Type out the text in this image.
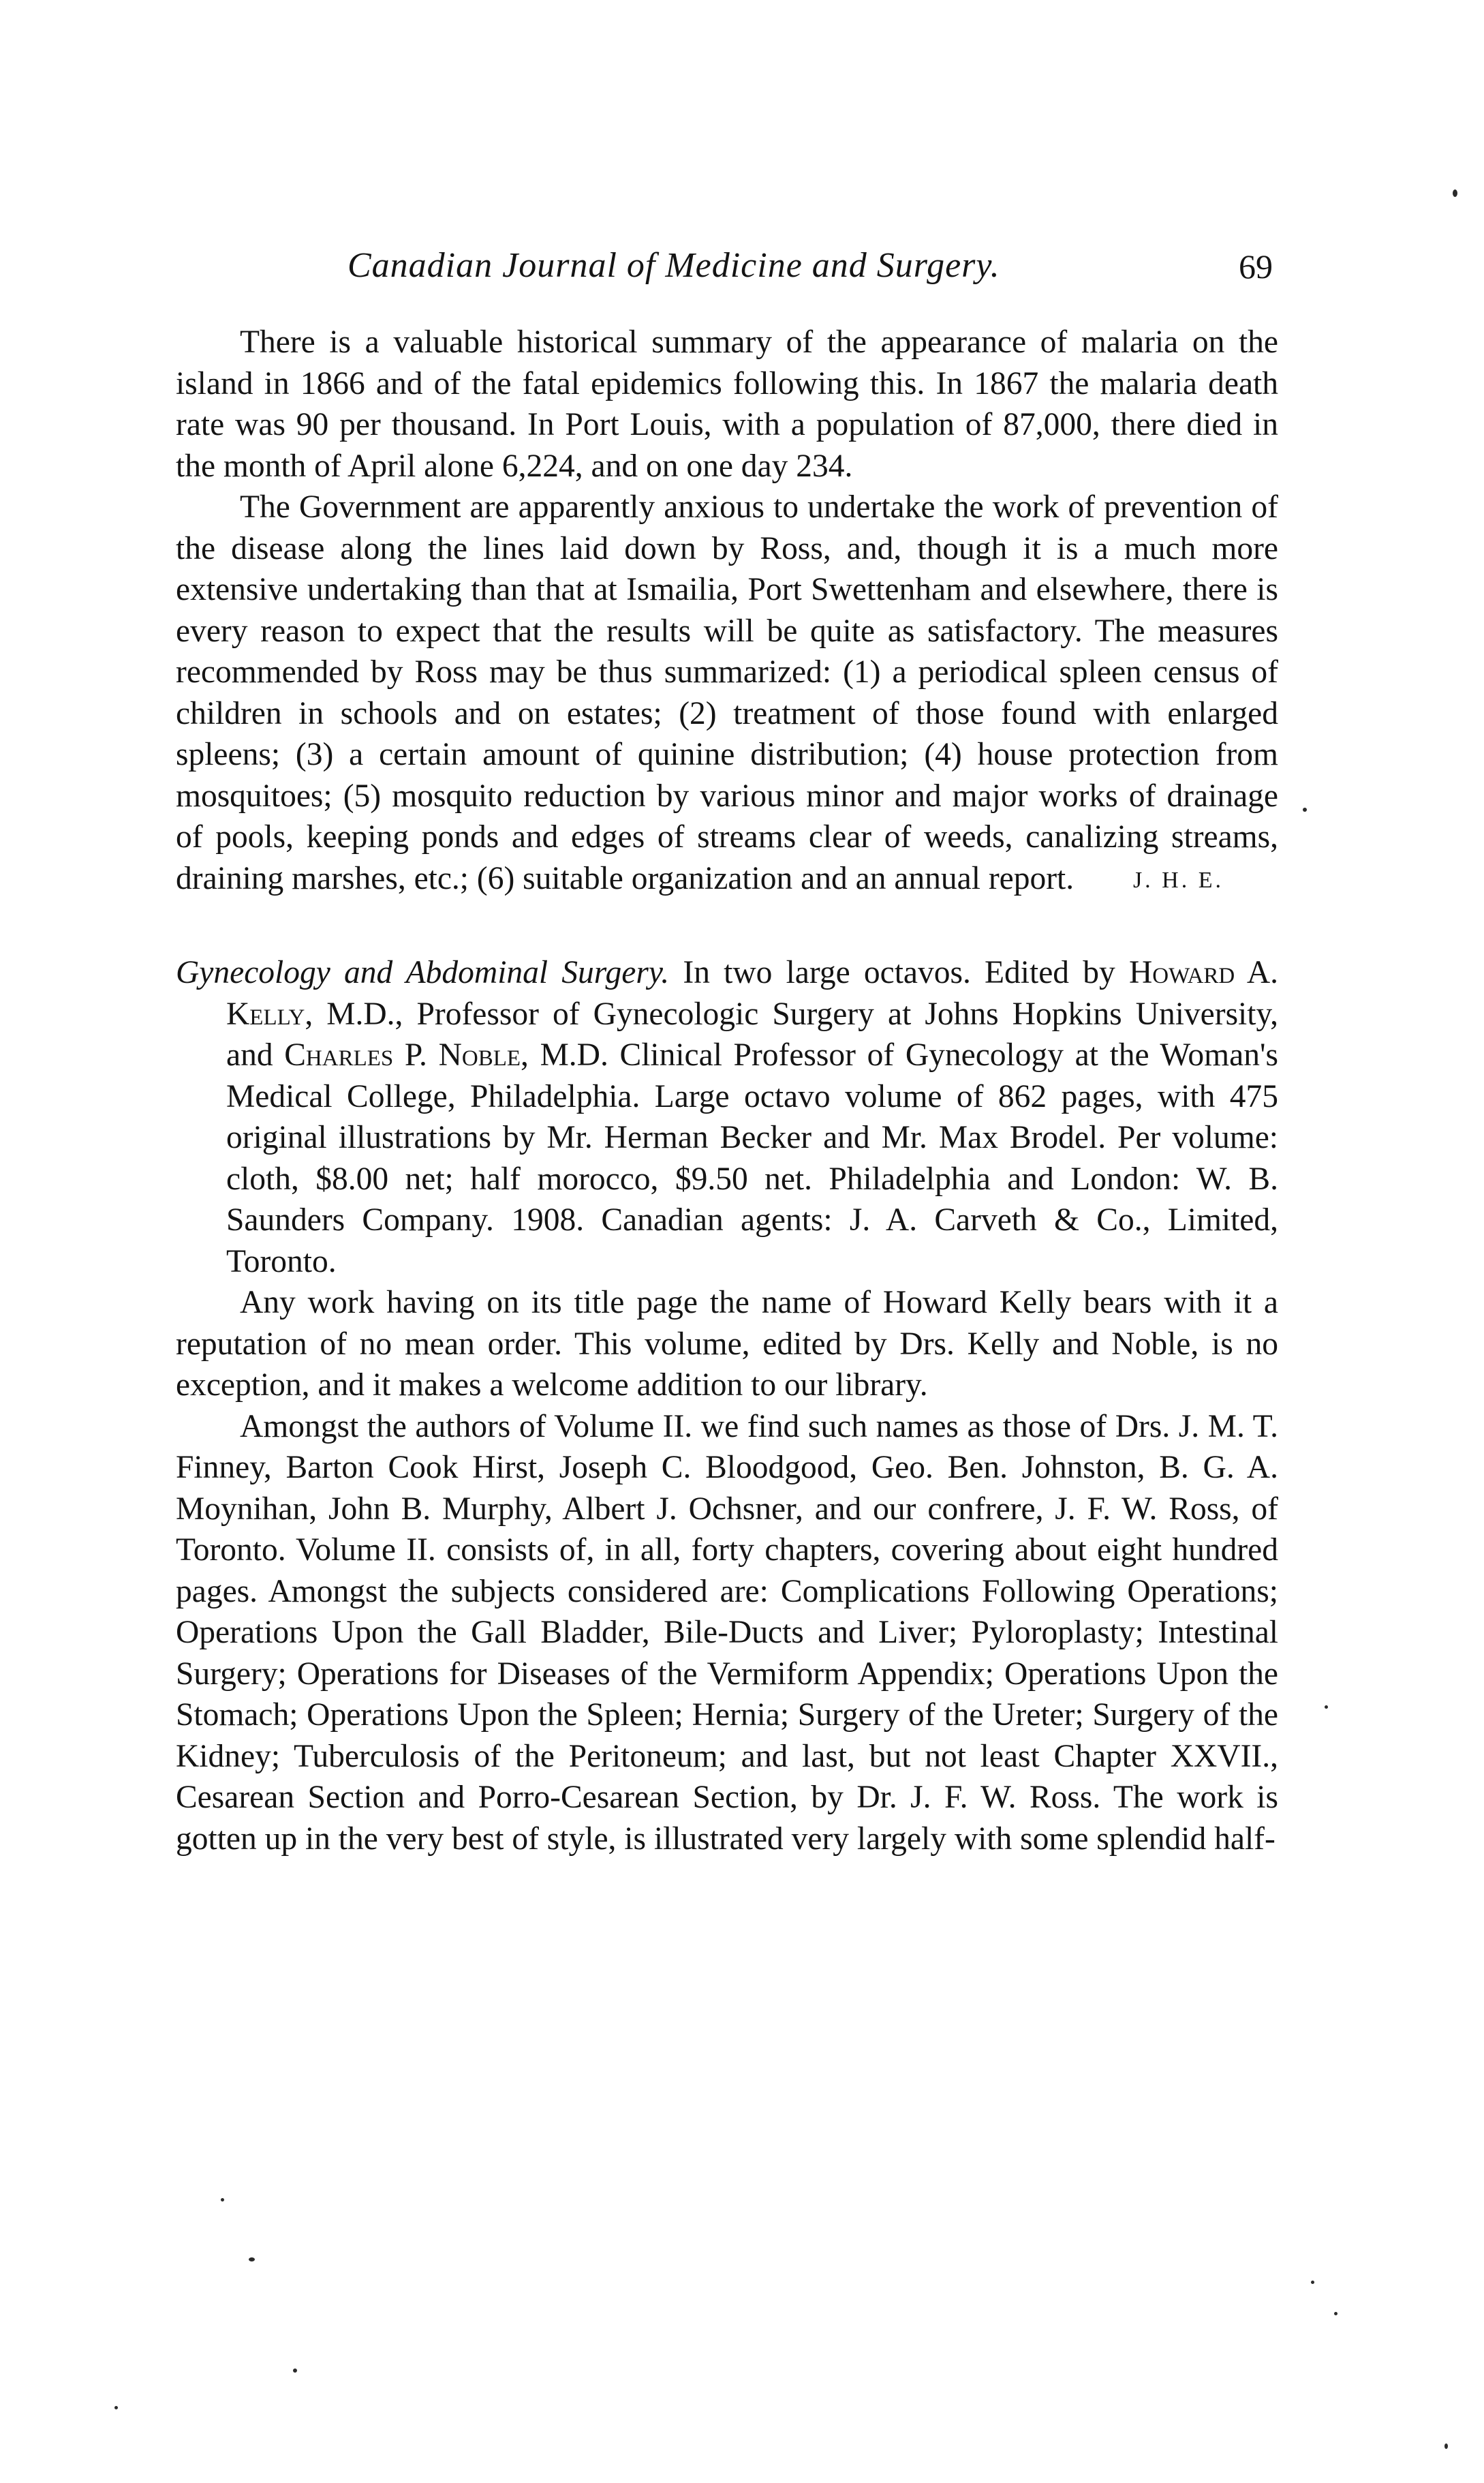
Canadian Journal of Medicine and Surgery.	69

There is a valuable historical summary of the appearance of malaria on the island in 1866 and of the fatal epidemics following this. In 1867 the malaria death rate was 90 per thousand. In Port Louis, with a population of 87,000, there died in the month of April alone 6,224, and on one day 234.

The Government are apparently anxious to undertake the work of prevention of the disease along the lines laid down by Ross, and, though it is a much more extensive undertaking than that at Ismailia, Port Swettenham and elsewhere, there is every reason to expect that the results will be quite as satisfactory. The measures recommended by Ross may be thus summarized: (1) a periodical spleen census of children in schools and on estates; (2) treatment of those found with enlarged spleens; (3) a certain amount of quinine distribution; (4) house protection from mosquitoes; (5) mosquito reduction by various minor and major works of drainage of pools, keeping ponds and edges of streams clear of weeds, canalizing streams, draining marshes, etc.; (6) suitable organization and an annual report.	J. H. E.

Gynecology and Abdominal Surgery. In two large octavos. Edited by Howard A. Kelly, M.D., Professor of Gynecologic Surgery at Johns Hopkins University, and Charles P. Noble, M.D. Clinical Professor of Gynecology at the Woman's Medical College, Philadelphia. Large octavo volume of 862 pages, with 475 original illustrations by Mr. Herman Becker and Mr. Max Brodel. Per volume: cloth, $8.00 net; half morocco, $9.50 net. Philadelphia and London: W. B. Saunders Company. 1908. Canadian agents: J. A. Carveth & Co., Limited, Toronto.

Any work having on its title page the name of Howard Kelly bears with it a reputation of no mean order. This volume, edited by Drs. Kelly and Noble, is no exception, and it makes a welcome addition to our library.

Amongst the authors of Volume II. we find such names as those of Drs. J. M. T. Finney, Barton Cook Hirst, Joseph C. Bloodgood, Geo. Ben. Johnston, B. G. A. Moynihan, John B. Murphy, Albert J. Ochsner, and our confrere, J. F. W. Ross, of Toronto. Volume II. consists of, in all, forty chapters, covering about eight hundred pages. Amongst the subjects considered are: Complications Following Operations; Operations Upon the Gall Bladder, Bile-Ducts and Liver; Pyloroplasty; Intestinal Surgery; Operations for Diseases of the Vermiform Appendix; Operations Upon the Stomach; Operations Upon the Spleen; Hernia; Surgery of the Ureter; Surgery of the Kidney; Tuberculosis of the Peritoneum; and last, but not least Chapter XXVII., Cesarean Section and Porro-Cesarean Section, by Dr. J. F. W. Ross. The work is gotten up in the very best of style, is illustrated very largely with some splendid half-
